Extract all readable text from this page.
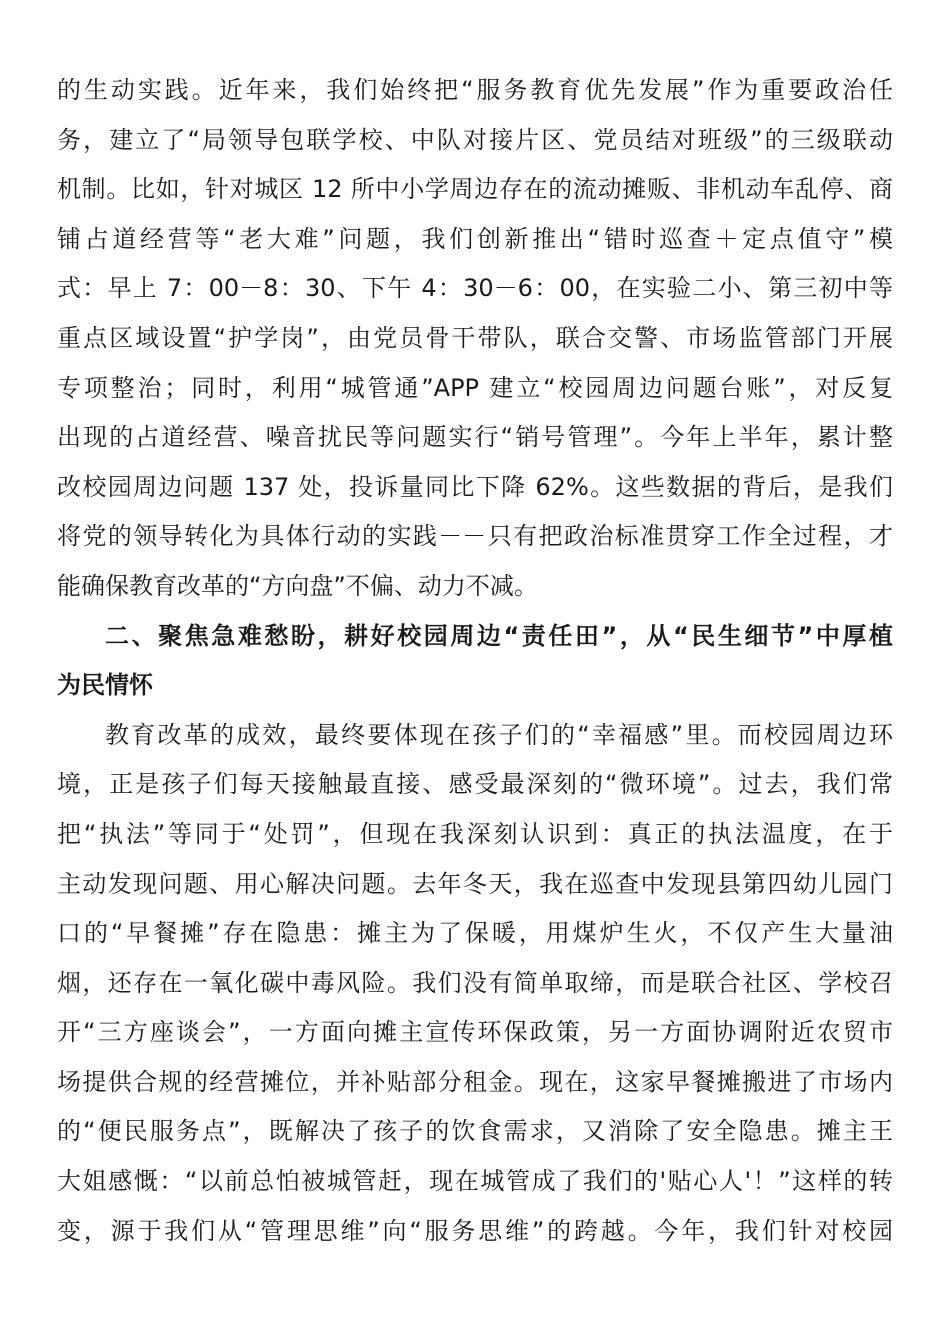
的生动实践。近年来，我们始终把“服务教育优先发展”作为重要政治任
务，建立了“局领导包联学校、中队对接片区、党员结对班级”的三级联动
机制。比如，针对城区 12 所中小学周边存在的流动摊贩、非机动车乱停、商
铺占道经营等“老大难”问题，我们创新推出“错时巡查＋定点值守”模
式：早上 7：00－8：30、下午 4：30－6：00，在实验二小、第三初中等
重点区域设置“护学岗”，由党员骨干带队，联合交警、市场监管部门开展
专项整治；同时，利用“城管通”APP 建立“校园周边问题台账”，对反复
出现的占道经营、噪音扰民等问题实行“销号管理”。今年上半年，累计整
改校园周边问题 137 处，投诉量同比下降 62%。这些数据的背后，是我们
将党的领导转化为具体行动的实践－－只有把政治标准贯穿工作全过程，才
能确保教育改革的“方向盘”不偏、动力不减。
二、聚焦急难愁盼，耕好校园周边“责任田”，从“民生细节”中厚植
为民情怀
教育改革的成效，最终要体现在孩子们的“幸福感”里。而校园周边环
境，正是孩子们每天接触最直接、感受最深刻的“微环境”。过去，我们常
把“执法”等同于“处罚”，但现在我深刻认识到：真正的执法温度，在于
主动发现问题、用心解决问题。去年冬天，我在巡查中发现县第四幼儿园门
口的“早餐摊”存在隐患：摊主为了保暖，用煤炉生火，不仅产生大量油
烟，还存在一氧化碳中毒风险。我们没有简单取缔，而是联合社区、学校召
开“三方座谈会”，一方面向摊主宣传环保政策，另一方面协调附近农贸市
场提供合规的经营摊位，并补贴部分租金。现在，这家早餐摊搬进了市场内
的“便民服务点”，既解决了孩子的饮食需求，又消除了安全隐患。摊主王
大姐感慨：“以前总怕被城管赶，现在城管成了我们的'贴心人'！”这样的转
变，源于我们从“管理思维”向“服务思维”的跨越。今年，我们针对校园
